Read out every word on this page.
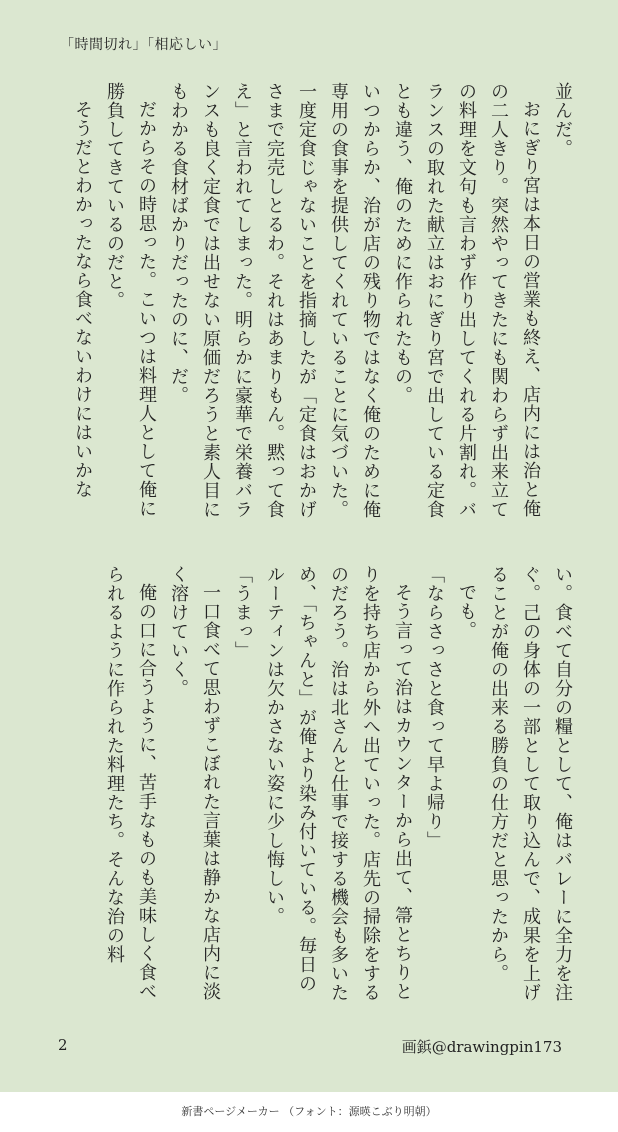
「時間切れ」「相応しい」

並んだ。

おにぎり宮は本日の営業も終え、店内には治と俺の二人きり。突然やってきたにも関わらず出来立ての料理を文句も言わず作り出してくれる片割れ。バランスの取れた献立はおにぎり宮で出している定食とも違う、俺のために作られたもの。

いつからか、治が店の残り物ではなく俺のために俺専用の食事を提供してくれていることに気づいた。一度定食じゃないことを指摘したが「定食はおかげさまで完売しとるわ。それはあまりもん。黙って食え」と言われてしまった。明らかに豪華で栄養バランスも良く定食では出せない原価だろうと素人目にもわかる食材ばかりだったのに、だ。

だからその時思った。こいつは料理人として俺に勝負してきているのだと。

そうだとわかったなら食べないわけにはいかな

い。食べて自分の糧として、俺はバレーに全力を注ぐ。己の身体の一部として取り込んで、成果を上げることが俺の出来る勝負の仕方だと思ったから。

でも。

「ならさっさと食って早よ帰り」

そう言って治はカウンターから出て、箒とちりとりを持ち店から外へ出ていった。店先の掃除をするのだろう。治は北さんと仕事で接する機会も多いため、「ちゃんと」が俺より染み付いている。毎日のルーティンは欠かさない姿に少し悔しい。

「うまっ」

一口食べて思わずこぼれた言葉は静かな店内に淡く溶けていく。

俺の口に合うように、苦手なものも美味しく食べられるように作られた料理たち。そんな治の料

2	画鋲@drawingpin173
新書ページメーカー （フォント：源暎こぶり明朝）
